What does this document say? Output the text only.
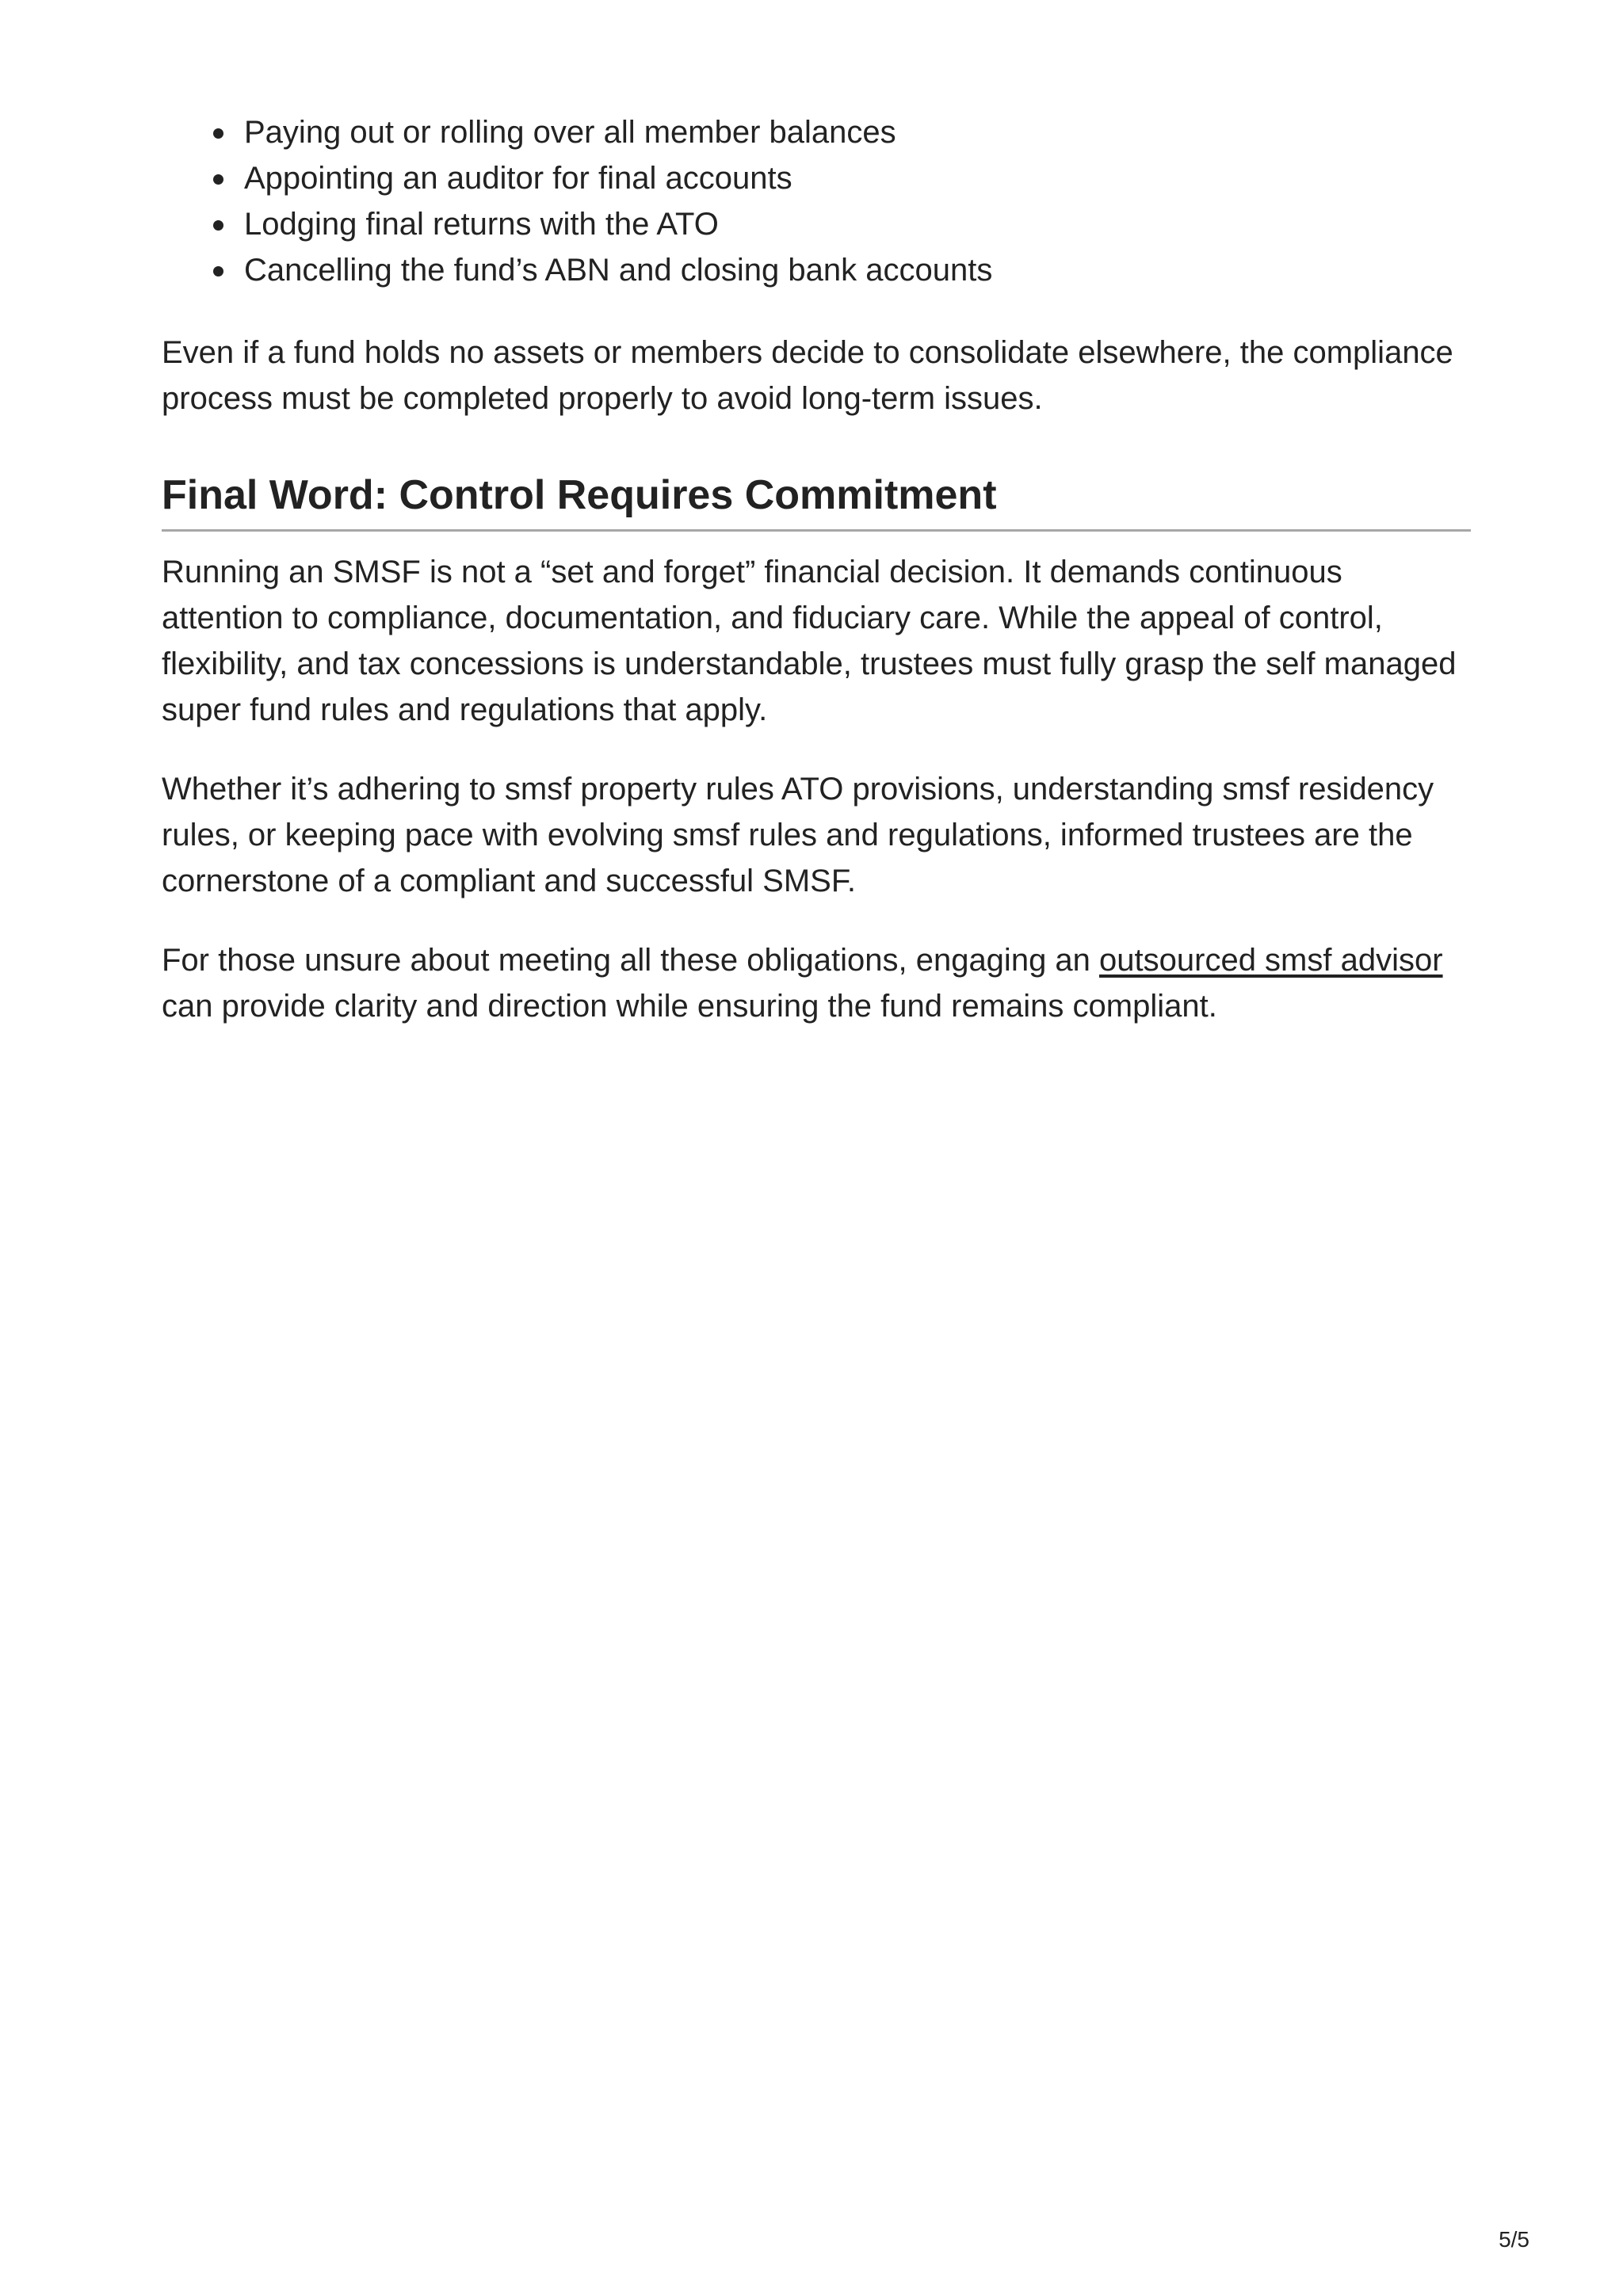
Paying out or rolling over all member balances
Appointing an auditor for final accounts
Lodging final returns with the ATO
Cancelling the fund’s ABN and closing bank accounts

Even if a fund holds no assets or members decide to consolidate elsewhere, the compliance process must be completed properly to avoid long-term issues.

Final Word: Control Requires Commitment

Running an SMSF is not a “set and forget” financial decision. It demands continuous attention to compliance, documentation, and fiduciary care. While the appeal of control, flexibility, and tax concessions is understandable, trustees must fully grasp the self managed super fund rules and regulations that apply.

Whether it’s adhering to smsf property rules ATO provisions, understanding smsf residency rules, or keeping pace with evolving smsf rules and regulations, informed trustees are the cornerstone of a compliant and successful SMSF.

For those unsure about meeting all these obligations, engaging an outsourced smsf advisor can provide clarity and direction while ensuring the fund remains compliant.

5/5
